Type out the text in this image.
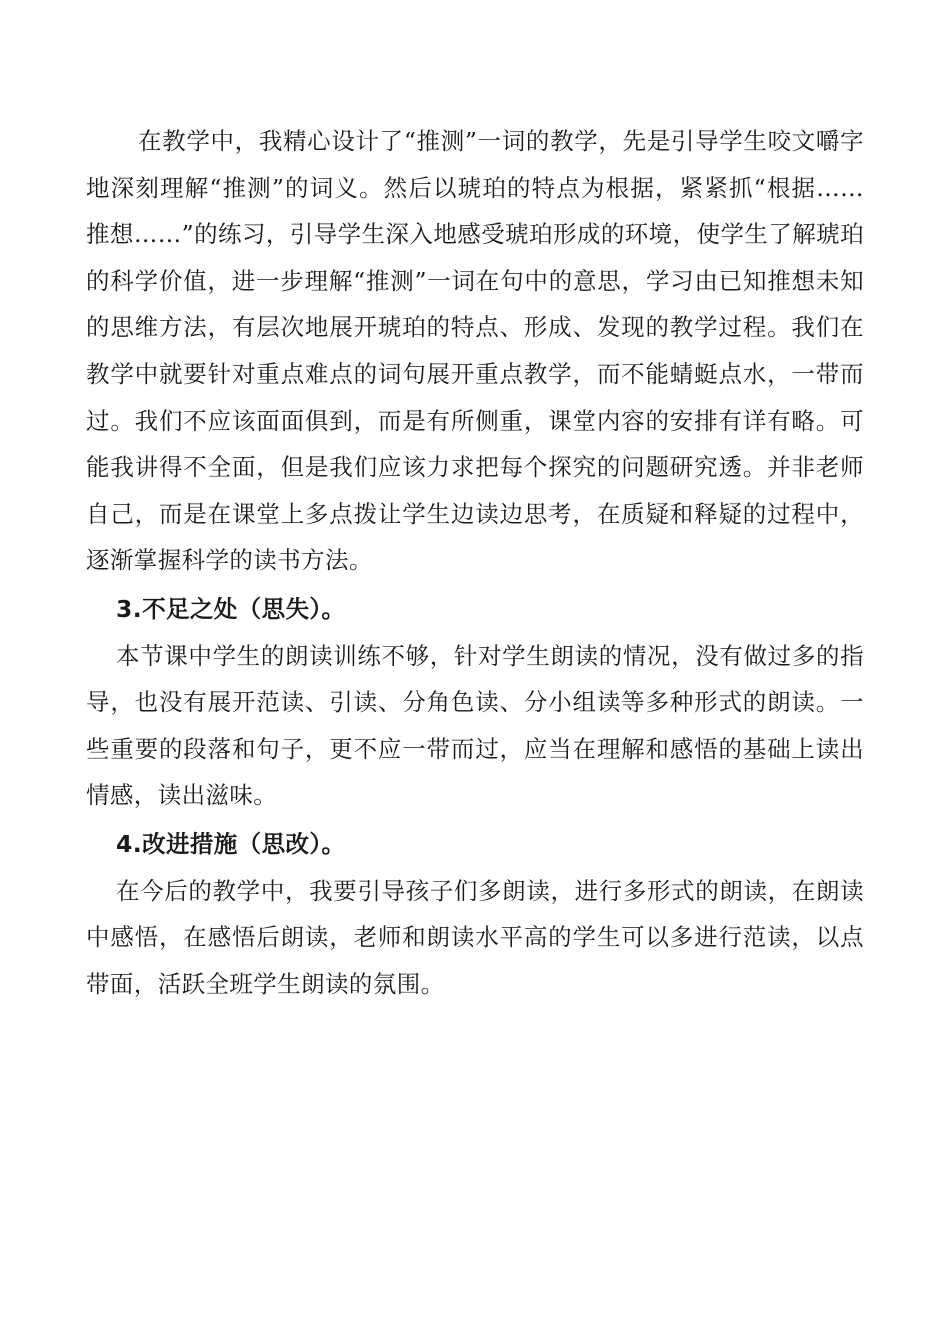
在教学中，我精心设计了“推测”一词的教学，先是引导学生咬文嚼字地深刻理解“推测”的词义。然后以琥珀的特点为根据，紧紧抓“根据……推想……”的练习，引导学生深入地感受琥珀形成的环境，使学生了解琥珀的科学价值，进一步理解“推测”一词在句中的意思，学习由已知推想未知的思维方法，有层次地展开琥珀的特点、形成、发现的教学过程。我们在教学中就要针对重点难点的词句展开重点教学，而不能蜻蜓点水，一带而过。我们不应该面面俱到，而是有所侧重，课堂内容的安排有详有略。可能我讲得不全面，但是我们应该力求把每个探究的问题研究透。并非老师自己，而是在课堂上多点拨让学生边读边思考，在质疑和释疑的过程中，逐渐掌握科学的读书方法。

3.不足之处（思失）。

本节课中学生的朗读训练不够，针对学生朗读的情况，没有做过多的指导，也没有展开范读、引读、分角色读、分小组读等多种形式的朗读。一些重要的段落和句子，更不应一带而过，应当在理解和感悟的基础上读出情感，读出滋味。

4.改进措施（思改）。

在今后的教学中，我要引导孩子们多朗读，进行多形式的朗读，在朗读中感悟，在感悟后朗读，老师和朗读水平高的学生可以多进行范读，以点带面，活跃全班学生朗读的氛围。
